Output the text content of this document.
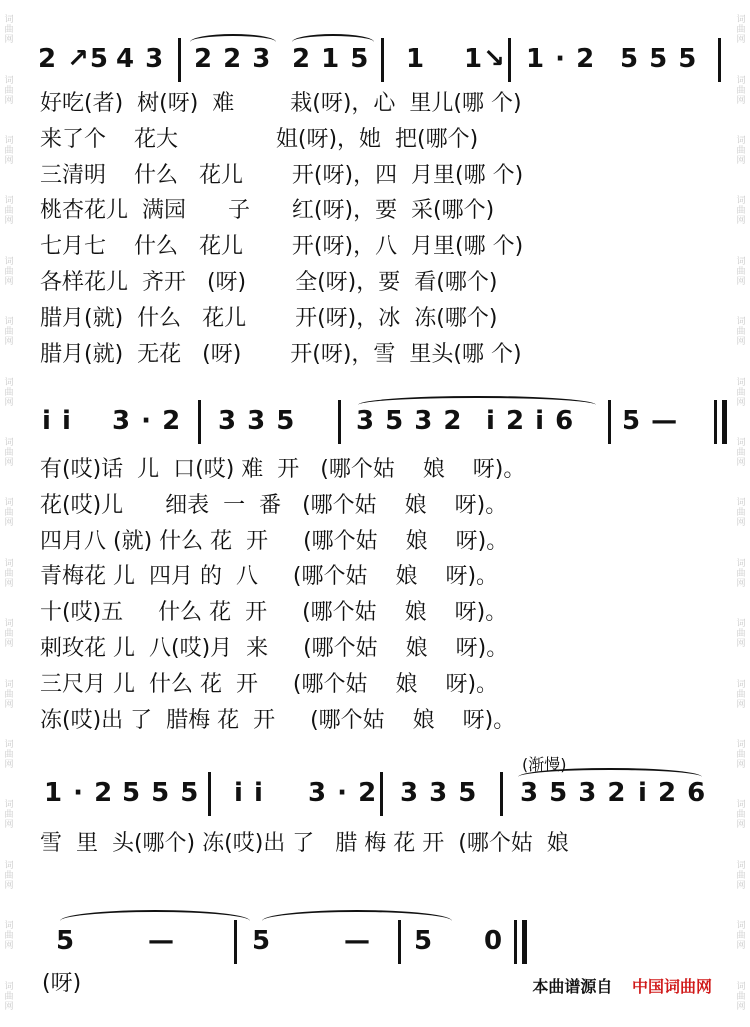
词曲网
词曲网
词曲网
词曲网
词曲网
词曲网
词曲网
词曲网
词曲网
词曲网
词曲网
词曲网
词曲网
词曲网
词曲网
词曲网
词曲网
词曲网
词曲网
词曲网
词曲网
词曲网
词曲网
词曲网
词曲网
词曲网
词曲网
词曲网
词曲网
词曲网
词曲网
词曲网
词曲网
词曲网
2 ↗5 4 3 2 2 3 2 1 5 1 1↘ 1 · 2 5 5 5
好吃(者)  树(呀)  难        栽(呀)，心  里儿(哪 个)
来了个    花大              姐(呀)，她  把(哪个)
三清明    什么   花儿       开(呀)，四  月里(哪 个)
桃杏花儿  满园      子      红(呀)，要  采(哪个)
七月七    什么   花儿       开(呀)，八  月里(哪 个)
各样花儿  齐开   (呀)       全(呀)，要  看(哪个)
腊月(就)  什么   花儿       开(呀)，冰  冻(哪个)
腊月(就)  无花   (呀)       开(呀)，雪  里头(哪 个)
i i 3 · 2 3 3 5 3 5 3 2 i 2 i 6 5 —
有(哎)话  儿  口(哎) 难  开   (哪个姑    娘    呀)。
花(哎)儿      细表  一  番   (哪个姑    娘    呀)。
四月八 (就) 什么 花  开     (哪个姑    娘    呀)。
青梅花 儿  四月 的  八     (哪个姑    娘    呀)。
十(哎)五     什么 花  开     (哪个姑    娘    呀)。
刺玫花 儿  八(哎)月  来     (哪个姑    娘    呀)。
三尺月 儿  什么 花  开     (哪个姑    娘    呀)。
冻(哎)出 了  腊梅 花  开     (哪个姑    娘    呀)。
(渐慢)
1 · 2 5 5 5 i i 3 · 2 3 3 5 3 5 3 2 i 2 6
雪  里  头(哪个) 冻(哎)出 了   腊 梅 花 开  (哪个姑  娘
5	—	5	— 5 0
(呀)	本曲谱源自 中国词曲网
